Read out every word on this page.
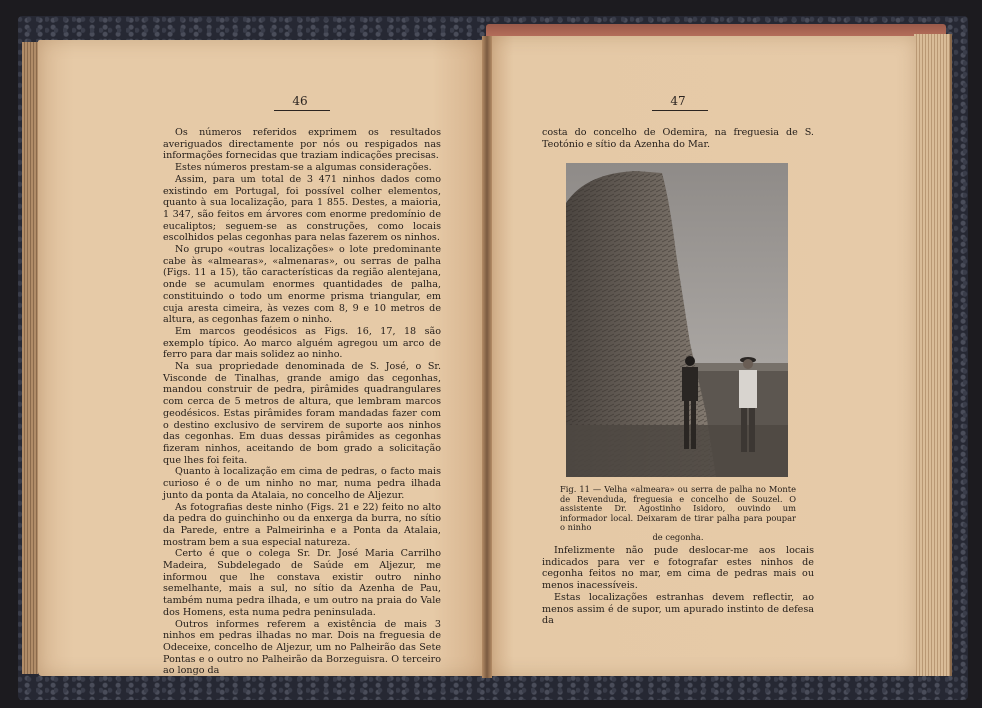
46

Os números referidos exprimem os resultados averiguados directamente por nós ou respigados nas informações fornecidas que traziam indicações precisas.

Estes números prestam-se a algumas considerações.

Assim, para um total de 3 471 ninhos dados como existindo em Portugal, foi possível colher elementos, quanto à sua localização, para 1 855. Destes, a maioria, 1 347, são feitos em árvores com enorme predomínio de eucaliptos; seguem-se as construções, como locais escolhidos pelas cegonhas para nelas fazerem os ninhos.

No grupo «outras localizações» o lote predominante cabe às «almearas», «almenaras», ou serras de palha (Figs. 11 a 15), tão características da região alentejana, onde se acumulam enormes quantidades de palha, constituindo o todo um enorme prisma triangular, em cuja aresta cimeira, às vezes com 8, 9 e 10 metros de altura, as cegonhas fazem o ninho.

Em marcos geodésicos as Figs. 16, 17, 18 são exemplo típico. Ao marco alguém agregou um arco de ferro para dar mais solidez ao ninho.

Na sua propriedade denominada de S. José, o Sr. Visconde de Tinalhas, grande amigo das cegonhas, mandou construir de pedra, pirâmides quadrangulares com cerca de 5 metros de altura, que lembram marcos geodésicos. Estas pirâmides foram mandadas fazer com o destino exclusivo de servirem de suporte aos ninhos das cegonhas. Em duas dessas pirâmides as cegonhas fizeram ninhos, aceitando de bom grado a solicitação que lhes foi feita.

Quanto à localização em cima de pedras, o facto mais curioso é o de um ninho no mar, numa pedra ilhada junto da ponta da Atalaia, no concelho de Aljezur.

As fotografias deste ninho (Figs. 21 e 22) feito no alto da pedra do guinchinho ou da enxerga da burra, no sítio da Parede, entre a Palmeirinha e a Ponta da Atalaia, mostram bem a sua especial natureza.

Certo é que o colega Sr. Dr. José Maria Carrilho Madeira, Subdelegado de Saúde em Aljezur, me informou que lhe constava existir outro ninho semelhante, mais a sul, no sítio da Azenha de Pau, também numa pedra ilhada, e um outro na praia do Vale dos Homens, esta numa pedra peninsulada.

Outros informes referem a existência de mais 3 ninhos em pedras ilhadas no mar. Dois na freguesia de Odeceixe, concelho de Aljezur, um no Palheirão das Sete Pontas e o outro no Palheirão da Borzeguisra. O terceiro ao longo da

47

costa do concelho de Odemira, na freguesia de S. Teotónio e sítio da Azenha do Mar.

Fig. 11 — Velha «almeara» ou serra de palha no Monte de Revenduda, freguesia e concelho de Souzel. O assistente Dr. Agostinho Isidoro, ouvindo um informador local. Deixaram de tirar palha para poupar o ninho
de cegonha.

Infelizmente não pude deslocar-me aos locais indicados para ver e fotografar estes ninhos de cegonha feitos no mar, em cima de pedras mais ou menos inacessíveis.

Estas localizações estranhas devem reflectir, ao menos assim é de supor, um apurado instinto de defesa da
